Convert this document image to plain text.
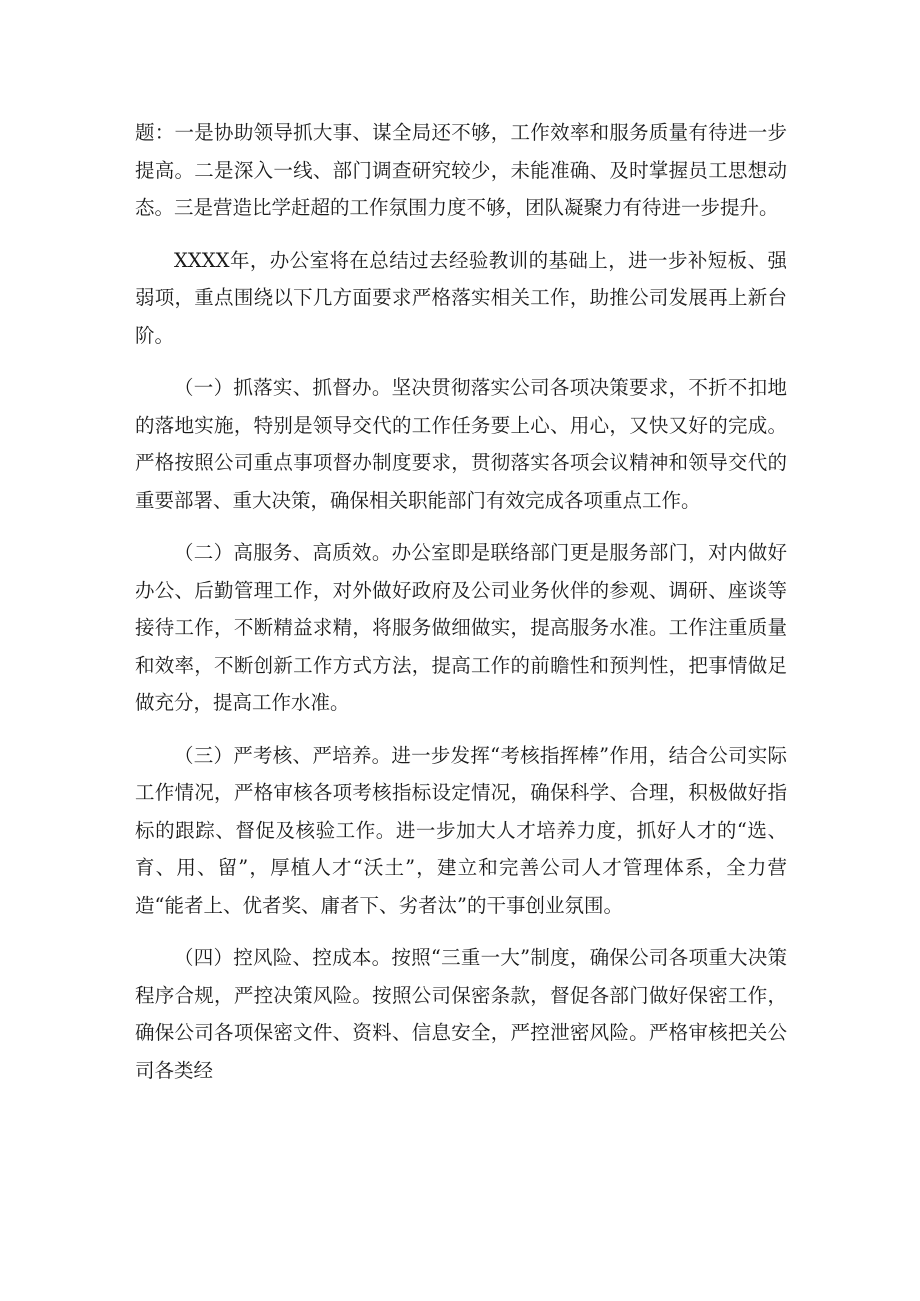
题：一是协助领导抓大事、谋全局还不够，工作效率和服务质量有待进一步提高。二是深入一线、部门调查研究较少，未能准确、及时掌握员工思想动态。三是营造比学赶超的工作氛围力度不够，团队凝聚力有待进一步提升。

XXXX年，办公室将在总结过去经验教训的基础上，进一步补短板、强弱项，重点围绕以下几方面要求严格落实相关工作，助推公司发展再上新台阶。

（一）抓落实、抓督办。坚决贯彻落实公司各项决策要求，不折不扣地的落地实施，特别是领导交代的工作任务要上心、用心，又快又好的完成。严格按照公司重点事项督办制度要求，贯彻落实各项会议精神和领导交代的重要部署、重大决策，确保相关职能部门有效完成各项重点工作。

（二）高服务、高质效。办公室即是联络部门更是服务部门，对内做好办公、后勤管理工作，对外做好政府及公司业务伙伴的参观、调研、座谈等接待工作，不断精益求精，将服务做细做实，提高服务水准。工作注重质量和效率，不断创新工作方式方法，提高工作的前瞻性和预判性，把事情做足做充分，提高工作水准。

（三）严考核、严培养。进一步发挥“考核指挥棒”作用，结合公司实际工作情况，严格审核各项考核指标设定情况，确保科学、合理，积极做好指标的跟踪、督促及核验工作。进一步加大人才培养力度，抓好人才的“选、育、用、留”，厚植人才“沃土”，建立和完善公司人才管理体系，全力营造“能者上、优者奖、庸者下、劣者汰”的干事创业氛围。

（四）控风险、控成本。按照“三重一大”制度，确保公司各项重大决策程序合规，严控决策风险。按照公司保密条款，督促各部门做好保密工作，确保公司各项保密文件、资料、信息安全，严控泄密风险。严格审核把关公司各类经
